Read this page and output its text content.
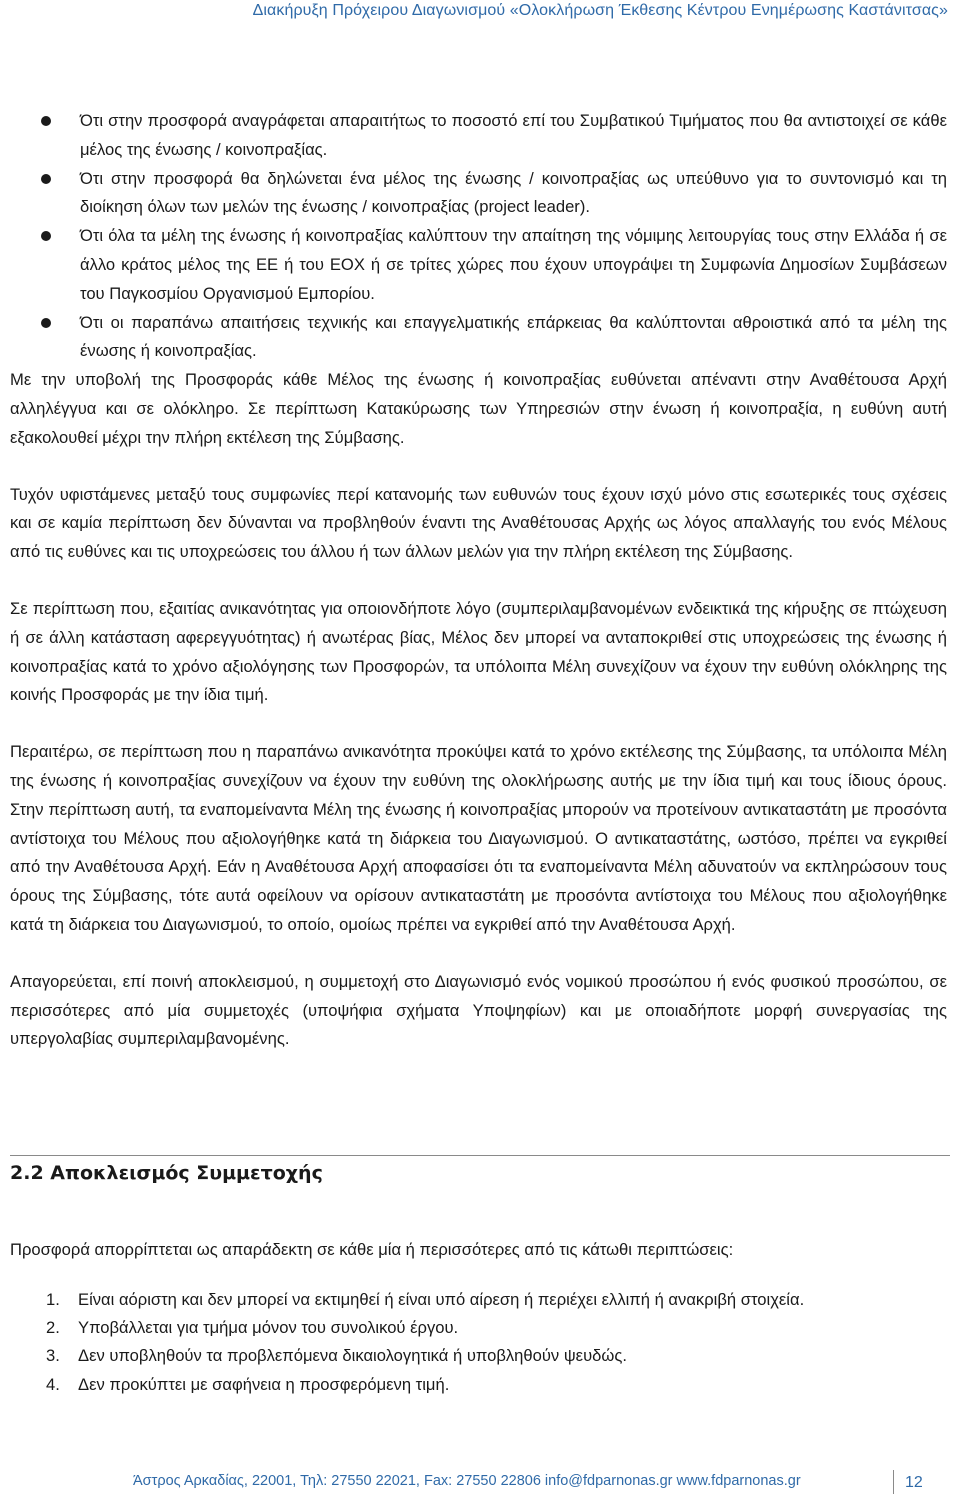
Διακήρυξη Πρόχειρου Διαγωνισμού «Ολοκλήρωση Έκθεσης Κέντρου Ενημέρωσης Καστάνιτσας»
Ότι στην προσφορά αναγράφεται απαραιτήτως το ποσοστό επί του Συμβατικού Τιμήματος που θα αντιστοιχεί σε κάθε μέλος της ένωσης / κοινοπραξίας.
Ότι στην προσφορά θα δηλώνεται ένα μέλος της ένωσης / κοινοπραξίας ως υπεύθυνο για το συντονισμό και τη διοίκηση όλων των μελών της ένωσης / κοινοπραξίας (project leader).
Ότι όλα τα μέλη της ένωσης ή κοινοπραξίας καλύπτουν την απαίτηση της νόμιμης λειτουργίας τους στην Ελλάδα ή σε άλλο κράτος μέλος της ΕΕ ή του ΕΟΧ ή σε τρίτες χώρες που έχουν υπογράψει τη Συμφωνία Δημοσίων Συμβάσεων του Παγκοσμίου Οργανισμού Εμπορίου.
Ότι οι παραπάνω απαιτήσεις τεχνικής και επαγγελματικής επάρκειας θα καλύπτονται αθροιστικά από τα μέλη της ένωσης ή κοινοπραξίας.

Με την υποβολή της Προσφοράς κάθε Μέλος της ένωσης ή κοινοπραξίας ευθύνεται απέναντι στην Αναθέτουσα Αρχή αλληλέγγυα και σε ολόκληρο. Σε περίπτωση Κατακύρωσης των Υπηρεσιών στην ένωση ή κοινοπραξία, η ευθύνη αυτή εξακολουθεί μέχρι την πλήρη εκτέλεση της Σύμβασης.

Τυχόν υφιστάμενες μεταξύ τους συμφωνίες περί κατανομής των ευθυνών τους έχουν ισχύ μόνο στις εσωτερικές τους σχέσεις και σε καμία περίπτωση δεν δύνανται να προβληθούν έναντι της Αναθέτουσας Αρχής ως λόγος απαλλαγής του ενός Μέλους από τις ευθύνες και τις υποχρεώσεις του άλλου ή των άλλων μελών για την πλήρη εκτέλεση της Σύμβασης.

Σε περίπτωση που, εξαιτίας ανικανότητας για οποιονδήποτε λόγο (συμπεριλαμβανομένων ενδεικτικά της κήρυξης σε πτώχευση ή σε άλλη κατάσταση αφερεγγυότητας) ή ανωτέρας βίας, Μέλος δεν μπορεί να ανταποκριθεί στις υποχρεώσεις της ένωσης ή κοινοπραξίας κατά το χρόνο αξιολόγησης των Προσφορών, τα υπόλοιπα Μέλη συνεχίζουν να έχουν την ευθύνη ολόκληρης της κοινής Προσφοράς με την ίδια τιμή.

Περαιτέρω, σε περίπτωση που η παραπάνω ανικανότητα προκύψει κατά το χρόνο εκτέλεσης της Σύμβασης, τα υπόλοιπα Μέλη της ένωσης ή κοινοπραξίας συνεχίζουν να έχουν την ευθύνη της ολοκλήρωσης αυτής με την ίδια τιμή και τους ίδιους όρους. Στην περίπτωση αυτή, τα εναπομείναντα Μέλη της ένωσης ή κοινοπραξίας μπορούν να προτείνουν αντικαταστάτη με προσόντα αντίστοιχα του Μέλους που αξιολογήθηκε κατά τη διάρκεια του Διαγωνισμού. Ο αντικαταστάτης, ωστόσο, πρέπει να εγκριθεί από την Αναθέτουσα Αρχή. Εάν η Αναθέτουσα Αρχή αποφασίσει ότι τα εναπομείναντα Μέλη αδυνατούν να εκπληρώσουν τους όρους της Σύμβασης, τότε αυτά οφείλουν να ορίσουν αντικαταστάτη με προσόντα αντίστοιχα του Μέλους που αξιολογήθηκε κατά τη διάρκεια του Διαγωνισμού, το οποίο, ομοίως πρέπει να εγκριθεί από την Αναθέτουσα Αρχή.

Απαγορεύεται, επί ποινή αποκλεισμού, η συμμετοχή στο Διαγωνισμό ενός νομικού προσώπου ή ενός φυσικού προσώπου, σε περισσότερες από μία συμμετοχές (υποψήφια σχήματα Υποψηφίων) και με οποιαδήποτε μορφή συνεργασίας της υπεργολαβίας συμπεριλαμβανομένης.

2.2 Αποκλεισμός Συμμετοχής
Προσφορά απορρίπτεται ως απαράδεκτη σε κάθε μία ή περισσότερες από τις κάτωθι περιπτώσεις:
1. Είναι αόριστη και δεν μπορεί να εκτιμηθεί ή είναι υπό αίρεση ή περιέχει ελλιπή ή ανακριβή στοιχεία.
2. Υποβάλλεται για τμήμα μόνον του συνολικού έργου.
3. Δεν υποβληθούν τα προβλεπόμενα δικαιολογητικά ή υποβληθούν ψευδώς.
4. Δεν προκύπτει με σαφήνεια η προσφερόμενη τιμή.
Άστρος Αρκαδίας, 22001, Τηλ: 27550 22021, Fax: 27550 22806 info@fdparnonas.gr www.fdparnonas.gr	12
